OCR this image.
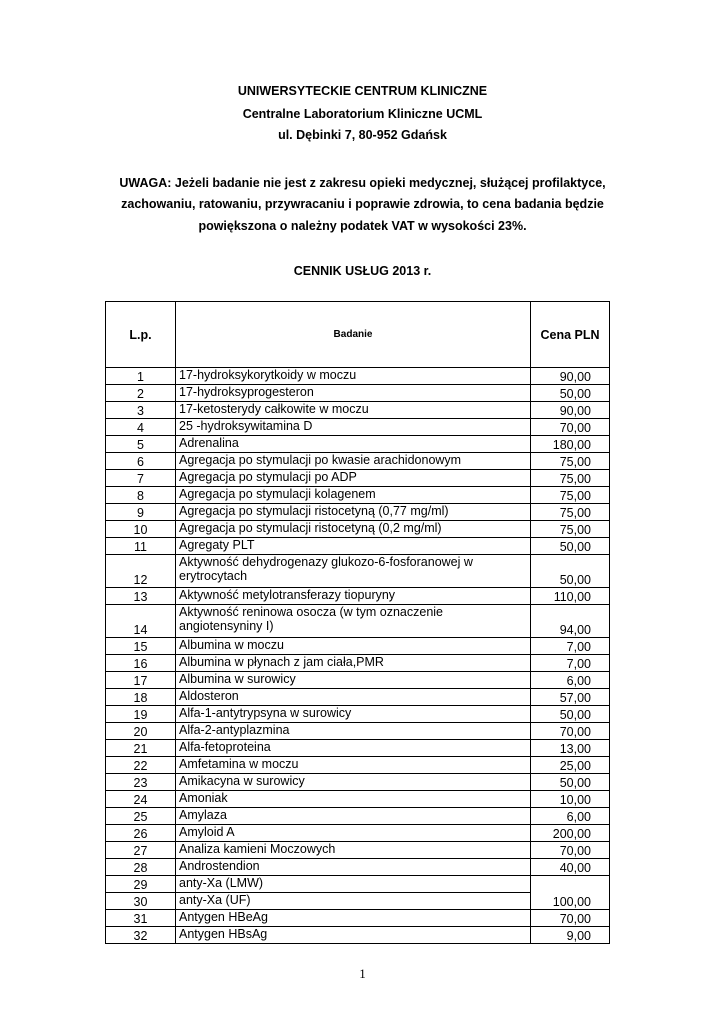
UNIWERSYTECKIE CENTRUM KLINICZNE
Centralne Laboratorium Kliniczne UCML
ul. Dębinki 7, 80-952 Gdańsk
UWAGA: Jeżeli badanie nie jest z zakresu opieki medycznej, służącej profilaktyce,
zachowaniu, ratowaniu, przywracaniu i poprawie zdrowia, to cena badania będzie
powiększona o należny podatek VAT w wysokości 23%.
CENNIK USŁUG 2013 r.
L.p.	Badanie	Cena PLN
1	17-hydroksykorytkoidy w moczu	90,00
2	17-hydroksyprogesteron	50,00
3	17-ketosterydy całkowite w moczu	90,00
4	25 -hydroksywitamina D	70,00
5	Adrenalina	180,00
6	Agregacja po stymulacji po kwasie arachidonowym	75,00
7	Agregacja po stymulacji po ADP	75,00
8	Agregacja po stymulacji kolagenem	75,00
9	Agregacja po stymulacji ristocetyną (0,77 mg/ml)	75,00
10	Agregacja po stymulacji ristocetyną (0,2 mg/ml)	75,00
11	Agregaty PLT	50,00
12	Aktywność dehydrogenazy glukozo-6-fosforanowej w erytrocytach	50,00
13	Aktywność metylotransferazy tiopuryny	110,00
14	Aktywność reninowa osocza (w tym oznaczenie angiotensyniny I)	94,00
15	Albumina w moczu	7,00
16	Albumina w płynach z jam ciała,PMR	7,00
17	Albumina w surowicy	6,00
18	Aldosteron	57,00
19	Alfa-1-antytrypsyna w surowicy	50,00
20	Alfa-2-antyplazmina	70,00
21	Alfa-fetoproteina	13,00
22	Amfetamina w moczu	25,00
23	Amikacyna w surowicy	50,00
24	Amoniak	10,00
25	Amylaza	6,00
26	Amyloid A	200,00
27	Analiza kamieni Moczowych	70,00
28	Androstendion	40,00
29	anty-Xa (LMW)	100,00
30	anty-Xa (UF)	
31	Antygen HBeAg	70,00
32	Antygen HBsAg	9,00
1
